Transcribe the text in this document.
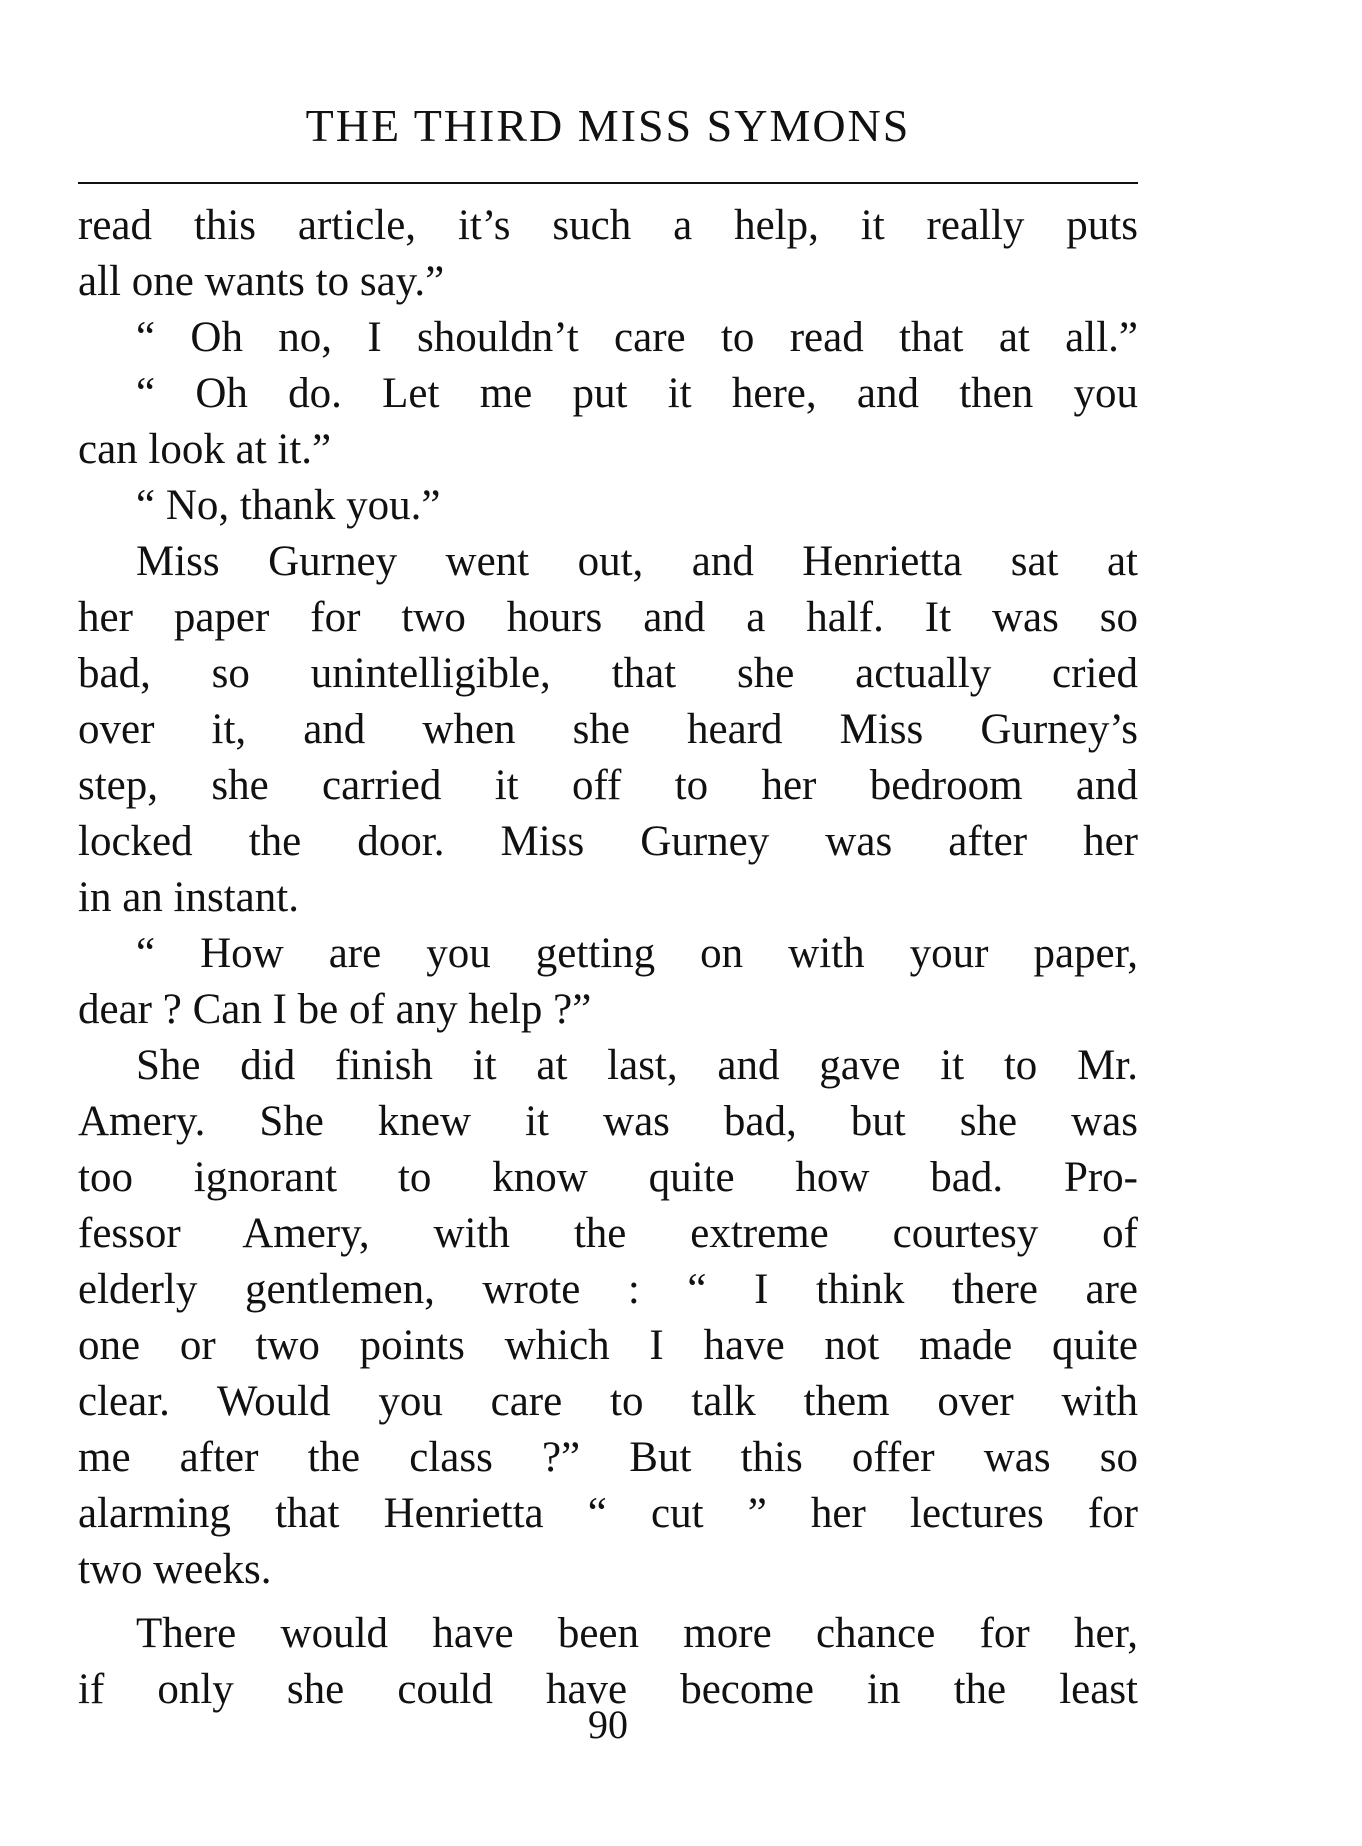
THE THIRD MISS SYMONS
read this article, it’s such a help, it really puts
all one wants to say.”
“ Oh no, I shouldn’t care to read that at all.”
“ Oh do. Let me put it here, and then you
can look at it.”
“ No, thank you.”
Miss Gurney went out, and Henrietta sat at
her paper for two hours and a half. It was so
bad, so unintelligible, that she actually cried
over it, and when she heard Miss Gurney’s
step, she carried it off to her bedroom and
locked the door. Miss Gurney was after her
in an instant.
“ How are you getting on with your paper,
dear ? Can I be of any help ?”
She did finish it at last, and gave it to Mr.
Amery. She knew it was bad, but she was
too ignorant to know quite how bad. Pro-
fessor Amery, with the extreme courtesy of
elderly gentlemen, wrote : “ I think there are
one or two points which I have not made quite
clear. Would you care to talk them over with
me after the class ?” But this offer was so
alarming that Henrietta “ cut ” her lectures for
two weeks.
There would have been more chance for her,
if only she could have become in the least
90
